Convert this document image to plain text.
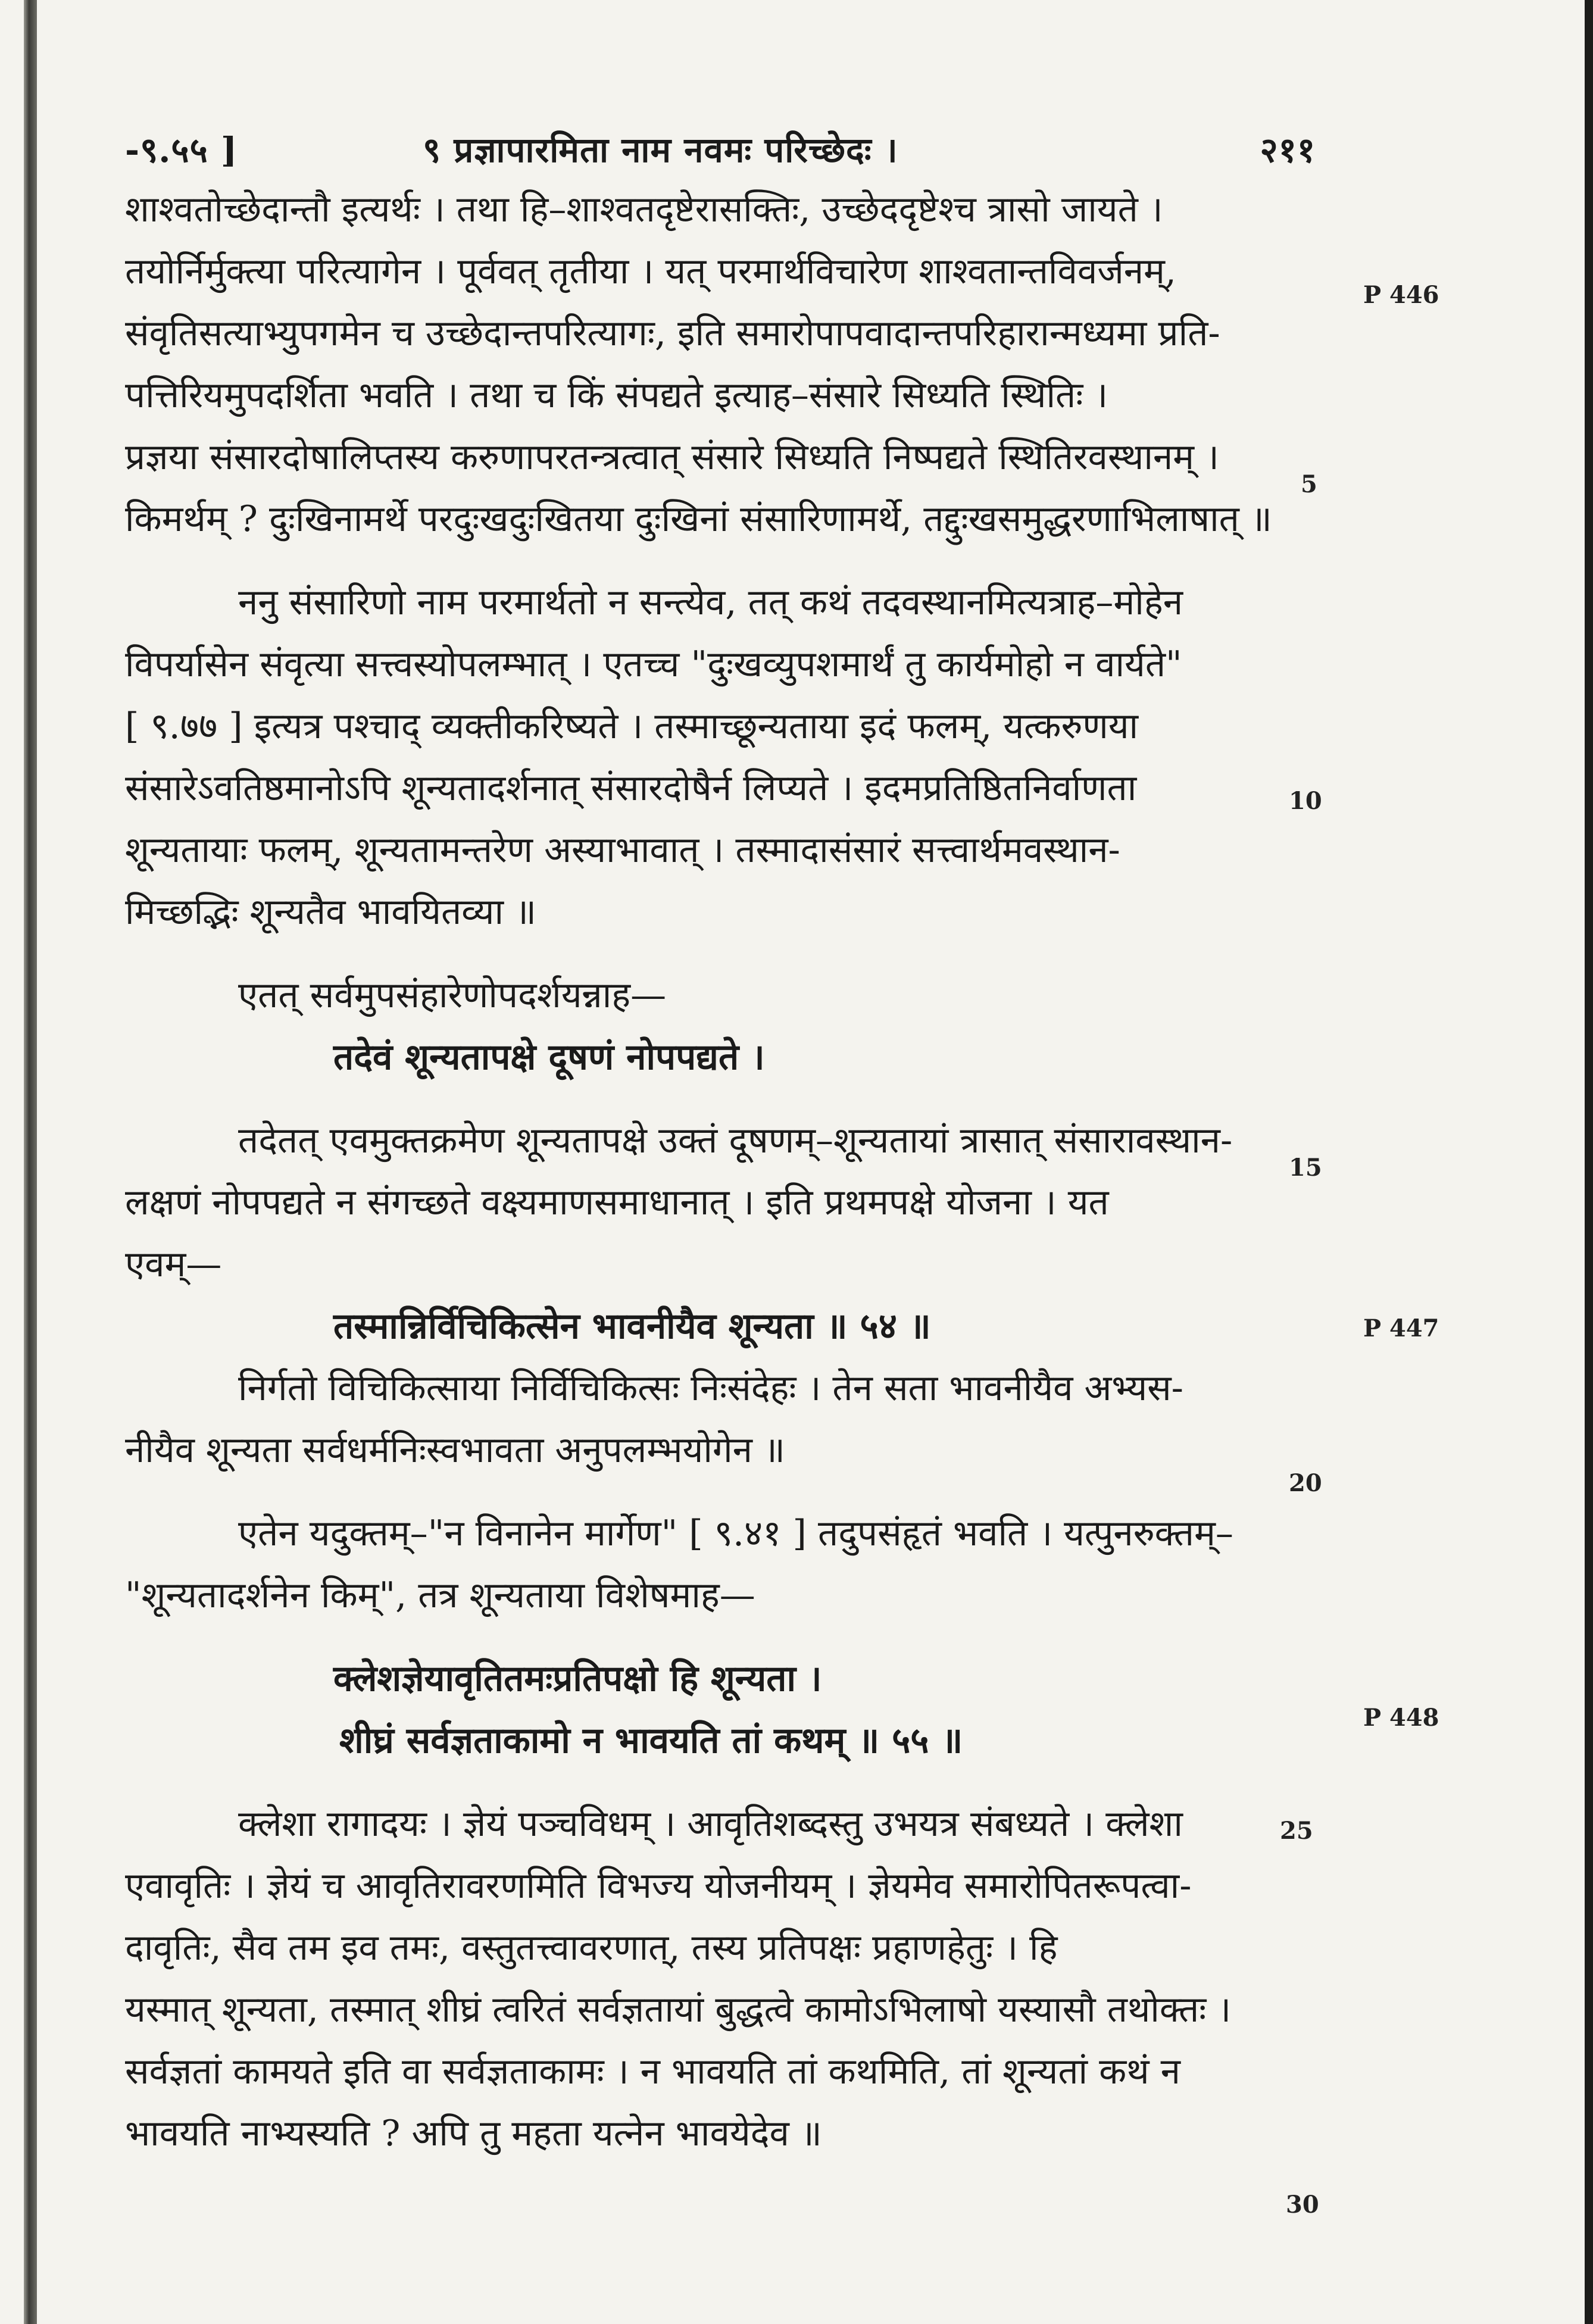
-९.५५ ]	९ प्रज्ञापारमिता नाम नवमः परिच्छेदः ।	२११
शाश्वतोच्छेदान्तौ इत्यर्थः । तथा हि–शाश्वतदृष्टेरासक्तिः, उच्छेददृष्टेश्च त्रासो जायते ।
तयोर्निर्मुक्त्या परित्यागेन । पूर्ववत् तृतीया । यत् परमार्थविचारेण शाश्वतान्तविवर्जनम्,
संवृतिसत्याभ्युपगमेन च उच्छेदान्तपरित्यागः, इति समारोपापवादान्तपरिहारान्मध्यमा प्रति-
पत्तिरियमुपदर्शिता भवति । तथा च किं संपद्यते इत्याह–संसारे सिध्यति स्थितिः ।
प्रज्ञया संसारदोषालिप्तस्य करुणापरतन्त्रत्वात् संसारे सिध्यति निष्पद्यते स्थितिरवस्थानम् ।
किमर्थम् ? दुःखिनामर्थे परदुःखदुःखितया दुःखिनां संसारिणामर्थे, तद्दुःखसमुद्धरणाभिलाषात् ॥
ननु संसारिणो नाम परमार्थतो न सन्त्येव, तत् कथं तदवस्थानमित्यत्राह–मोहेन
विपर्यासेन संवृत्या सत्त्वस्योपलम्भात् । एतच्च "दुःखव्युपशमार्थं तु कार्यमोहो न वार्यते"
[ ९.७७ ] इत्यत्र पश्चाद् व्यक्तीकरिष्यते । तस्माच्छून्यताया इदं फलम्, यत्करुणया
संसारेऽवतिष्ठमानोऽपि शून्यतादर्शनात् संसारदोषैर्न लिप्यते । इदमप्रतिष्ठितनिर्वाणता
शून्यतायाः फलम्, शून्यतामन्तरेण अस्याभावात् । तस्मादासंसारं सत्त्वार्थमवस्थान-
मिच्छद्भिः शून्यतैव भावयितव्या ॥
एतत् सर्वमुपसंहारेणोपदर्शयन्नाह—
तदेवं शून्यतापक्षे दूषणं नोपपद्यते ।
तदेतत् एवमुक्तक्रमेण शून्यतापक्षे उक्तं दूषणम्–शून्यतायां त्रासात् संसारावस्थान-
लक्षणं नोपपद्यते न संगच्छते वक्ष्यमाणसमाधानात् । इति प्रथमपक्षे योजना । यत
एवम्—
तस्मान्निर्विचिकित्सेन भावनीयैव शून्यता ॥ ५४ ॥
निर्गतो विचिकित्साया निर्विचिकित्सः निःसंदेहः । तेन सता भावनीयैव अभ्यस-
नीयैव शून्यता सर्वधर्मनिःस्वभावता अनुपलम्भयोगेन ॥
एतेन यदुक्तम्–"न विनानेन मार्गेण" [ ९.४१ ] तदुपसंहृतं भवति । यत्पुनरुक्तम्–
"शून्यतादर्शनेन किम्", तत्र शून्यताया विशेषमाह—
क्लेशज्ञेयावृतितमःप्रतिपक्षो हि शून्यता ।
शीघ्रं सर्वज्ञताकामो न भावयति तां कथम् ॥ ५५ ॥
क्लेशा रागादयः । ज्ञेयं पञ्चविधम् । आवृतिशब्दस्तु उभयत्र संबध्यते । क्लेशा
एवावृतिः । ज्ञेयं च आवृतिरावरणमिति विभज्य योजनीयम् । ज्ञेयमेव समारोपितरूपत्वा-
दावृतिः, सैव तम इव तमः, वस्तुतत्त्वावरणात्, तस्य प्रतिपक्षः प्रहाणहेतुः । हि
यस्मात् शून्यता, तस्मात् शीघ्रं त्वरितं सर्वज्ञतायां बुद्धत्वे कामोऽभिलाषो यस्यासौ तथोक्तः ।
सर्वज्ञतां कामयते इति वा सर्वज्ञताकामः । न भावयति तां कथमिति, तां शून्यतां कथं न
भावयति नाभ्यस्यति ? अपि तु महता यत्नेन भावयेदेव ॥
P 446
P 447
P 448
5
10
15
20
25
30
